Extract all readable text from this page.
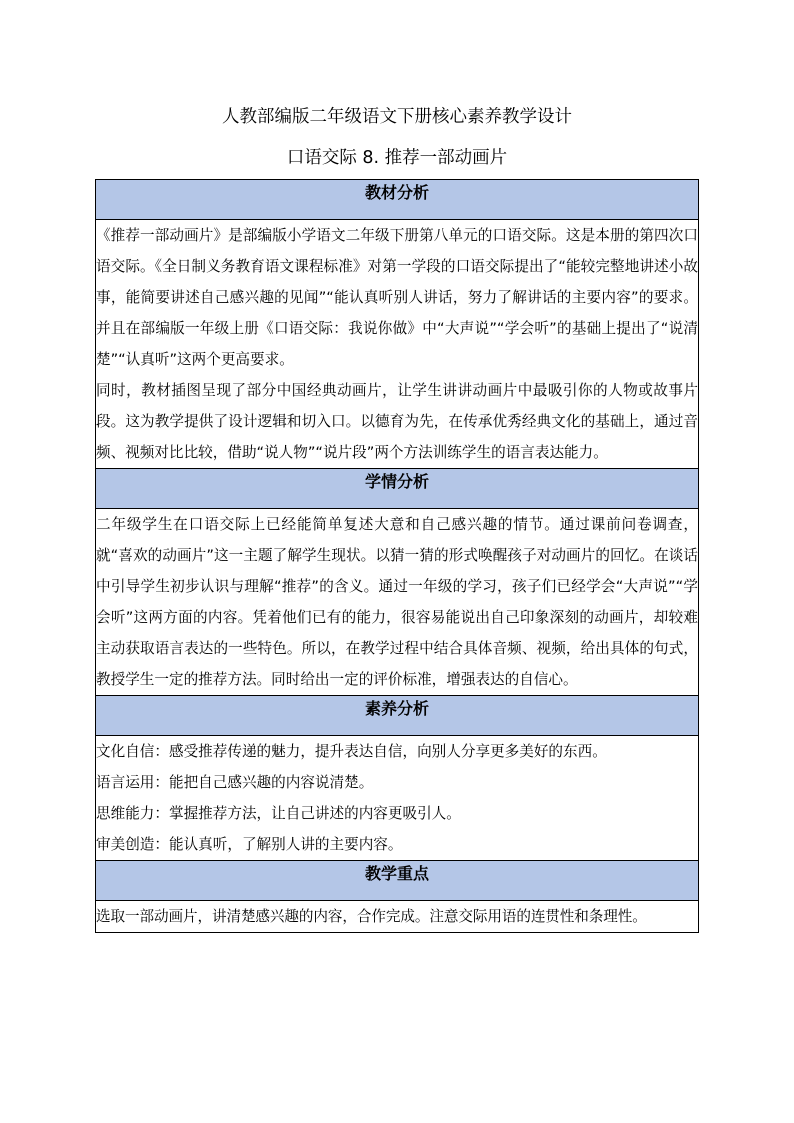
人教部编版二年级语文下册核心素养教学设计
口语交际 8. 推荐一部动画片
教材分析

《推荐一部动画片》是部编版小学语文二年级下册第八单元的口语交际。这是本册的第四次口语交际。《全日制义务教育语文课程标准》对第一学段的口语交际提出了“能较完整地讲述小故事，能简要讲述自己感兴趣的见闻”“能认真听别人讲话，努力了解讲话的主要内容”的要求。并且在部编版一年级上册《口语交际：我说你做》中“大声说”“学会听”的基础上提出了“说清楚”“认真听”这两个更高要求。

同时，教材插图呈现了部分中国经典动画片，让学生讲讲动画片中最吸引你的人物或故事片段。这为教学提供了设计逻辑和切入口。以德育为先，在传承优秀经典文化的基础上，通过音频、视频对比比较，借助“说人物”“说片段”两个方法训练学生的语言表达能力。

学情分析

二年级学生在口语交际上已经能简单复述大意和自己感兴趣的情节。通过课前问卷调查，就“喜欢的动画片”这一主题了解学生现状。以猜一猜的形式唤醒孩子对动画片的回忆。在谈话中引导学生初步认识与理解“推荐”的含义。通过一年级的学习，孩子们已经学会“大声说”“学会听”这两方面的内容。凭着他们已有的能力，很容易能说出自己印象深刻的动画片，却较难主动获取语言表达的一些特色。所以，在教学过程中结合具体音频、视频，给出具体的句式，教授学生一定的推荐方法。同时给出一定的评价标准，增强表达的自信心。

素养分析

文化自信：感受推荐传递的魅力，提升表达自信，向别人分享更多美好的东西。

语言运用：能把自己感兴趣的内容说清楚。

思维能力：掌握推荐方法，让自己讲述的内容更吸引人。

审美创造：能认真听，了解别人讲的主要内容。

教学重点
选取一部动画片，讲清楚感兴趣的内容，合作完成。注意交际用语的连贯性和条理性。
